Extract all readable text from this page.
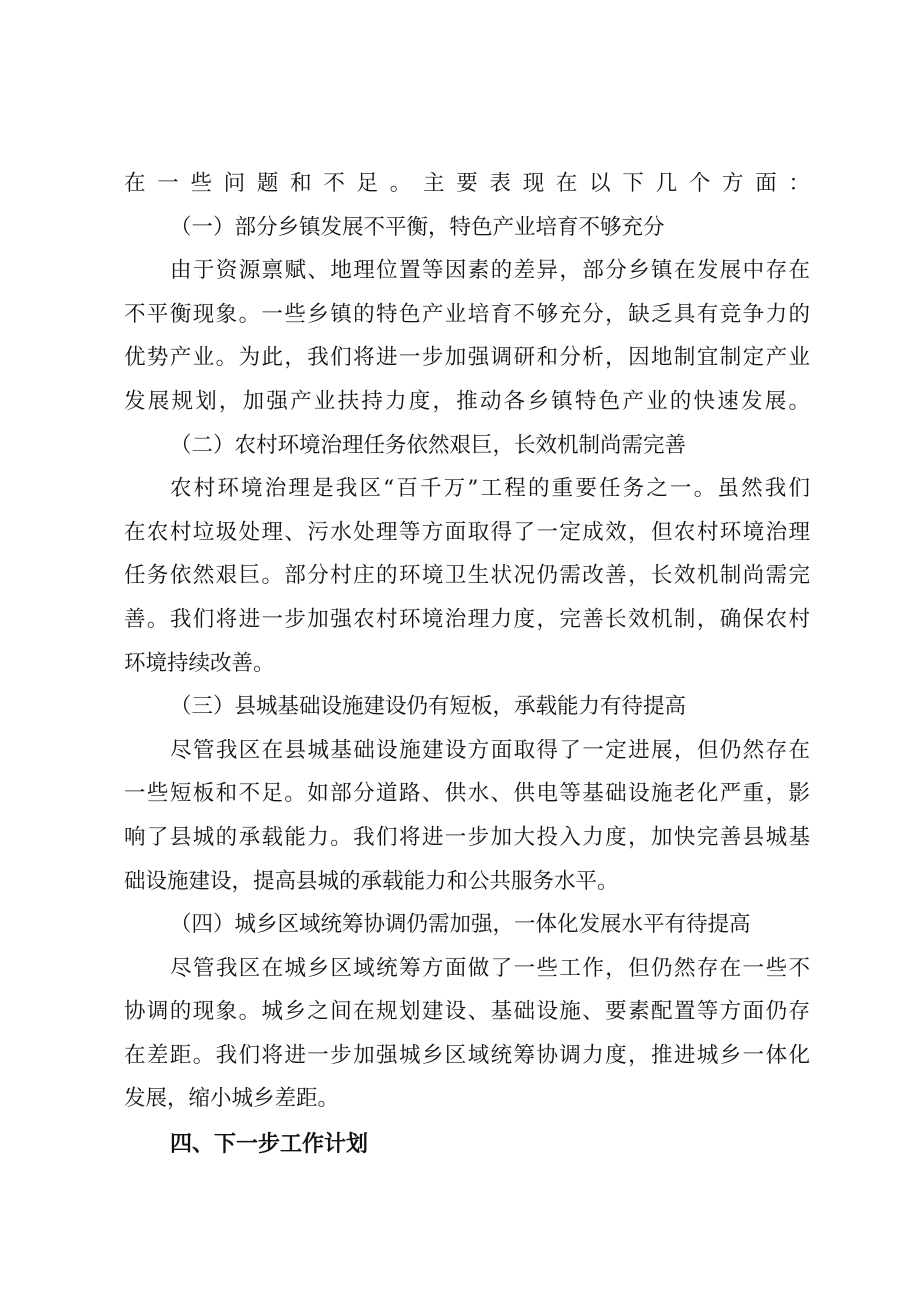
在一些问题和不足。主要表现在以下几个方面：
（一）部分乡镇发展不平衡，特色产业培育不够充分
由于资源禀赋、地理位置等因素的差异，部分乡镇在发展中存在
不平衡现象。一些乡镇的特色产业培育不够充分，缺乏具有竞争力的
优势产业。为此，我们将进一步加强调研和分析，因地制宜制定产业
发展规划，加强产业扶持力度，推动各乡镇特色产业的快速发展。
（二）农村环境治理任务依然艰巨，长效机制尚需完善
农村环境治理是我区“百千万”工程的重要任务之一。虽然我们
在农村垃圾处理、污水处理等方面取得了一定成效，但农村环境治理
任务依然艰巨。部分村庄的环境卫生状况仍需改善，长效机制尚需完
善。我们将进一步加强农村环境治理力度，完善长效机制，确保农村
环境持续改善。
（三）县城基础设施建设仍有短板，承载能力有待提高
尽管我区在县城基础设施建设方面取得了一定进展，但仍然存在
一些短板和不足。如部分道路、供水、供电等基础设施老化严重，影
响了县城的承载能力。我们将进一步加大投入力度，加快完善县城基
础设施建设，提高县城的承载能力和公共服务水平。
（四）城乡区域统筹协调仍需加强，一体化发展水平有待提高
尽管我区在城乡区域统筹方面做了一些工作，但仍然存在一些不
协调的现象。城乡之间在规划建设、基础设施、要素配置等方面仍存
在差距。我们将进一步加强城乡区域统筹协调力度，推进城乡一体化
发展，缩小城乡差距。
四、下一步工作计划
